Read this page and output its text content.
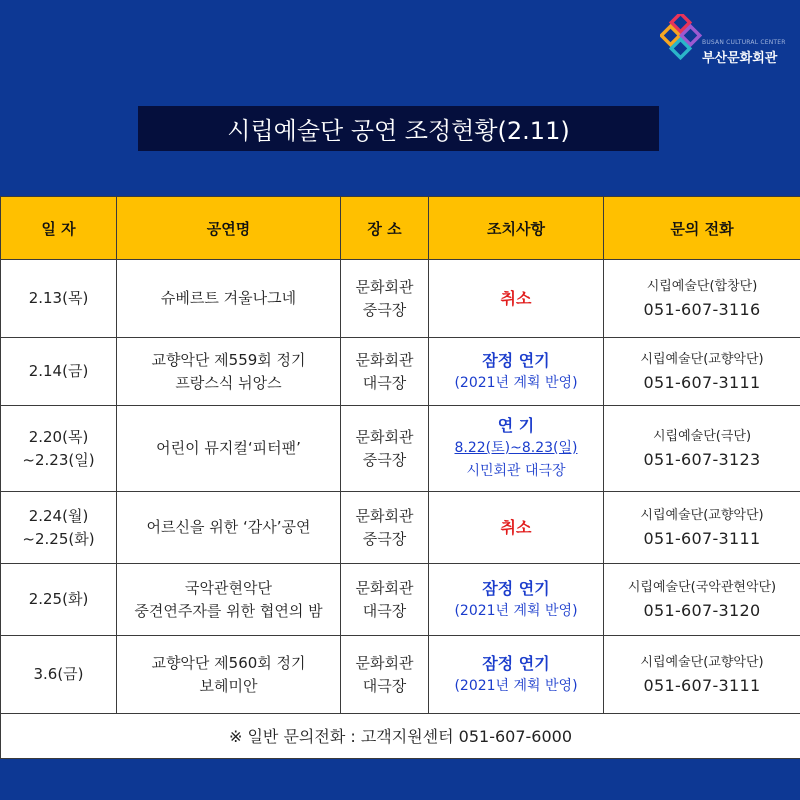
BUSAN CULTURAL CENTER
부산문화회관
시립예술단 공연 조정현황(2.11)
일 자	공연명	장 소	조치사항	문의 전화

2.13(목)	슈베르트 겨울나그네	문화회관
중극장	취소	시립예술단(합창단)
051-607-3116

2.14(금)	교향악단 제559회 정기
프랑스식 뉘앙스	문화회관
대극장	잠정 연기
(2021년 계획 반영)	시립예술단(교향악단)
051-607-3111

2.20(목)
~2.23(일)	어린이 뮤지컬‘피터팬’	문화회관
중극장	연 기
8.22(토)~8.23(일)
시민회관 대극장	시립예술단(극단)
051-607-3123

2.24(월)
~2.25(화)	어르신을 위한 ‘감사’공연	문화회관
중극장	취소	시립예술단(교향악단)
051-607-3111

2.25(화)	국악관현악단
중견연주자를 위한 협연의 밤	문화회관
대극장	잠정 연기
(2021년 계획 반영)	시립예술단(국악관현악단)
051-607-3120

3.6(금)	교향악단 제560회 정기
보헤미안	문화회관
대극장	잠정 연기
(2021년 계획 반영)	시립예술단(교향악단)
051-607-3111

※ 일반 문의전화 : 고객지원센터 051-607-6000				
